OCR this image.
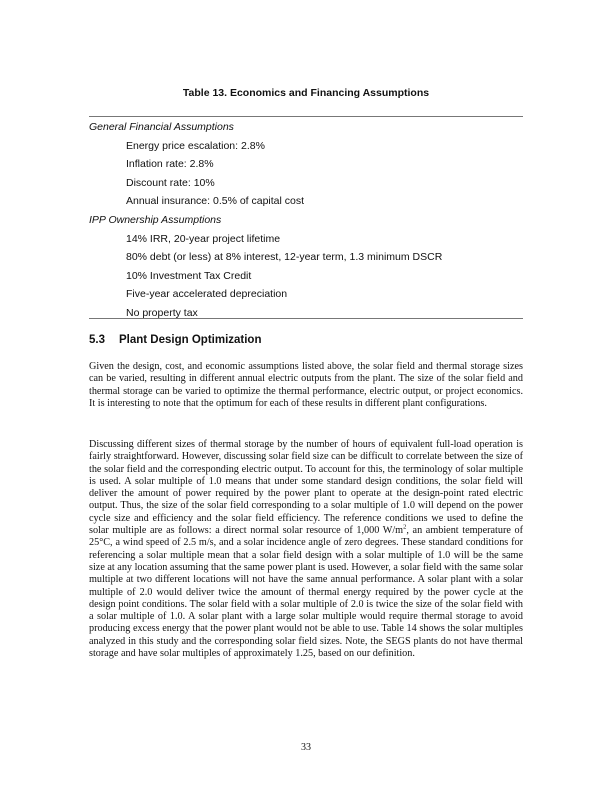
Table 13. Economics and Financing Assumptions
General Financial Assumptions
Energy price escalation: 2.8%
Inflation rate: 2.8%
Discount rate: 10%
Annual insurance: 0.5% of capital cost
IPP Ownership Assumptions
14% IRR, 20-year project lifetime
80% debt (or less) at 8% interest, 12-year term, 1.3 minimum DSCR
10% Investment Tax Credit
Five-year accelerated depreciation
No property tax
5.3 Plant Design Optimization

Given the design, cost, and economic assumptions listed above, the solar field and thermal storage sizes can be varied, resulting in different annual electric outputs from the plant. The size of the solar field and thermal storage can be varied to optimize the thermal performance, electric output, or project economics. It is interesting to note that the optimum for each of these results in different plant configurations.

Discussing different sizes of thermal storage by the number of hours of equivalent full-load operation is fairly straightforward. However, discussing solar field size can be difficult to correlate between the size of the solar field and the corresponding electric output. To account for this, the terminology of solar multiple is used. A solar multiple of 1.0 means that under some standard design conditions, the solar field will deliver the amount of power required by the power plant to operate at the design-point rated electric output. Thus, the size of the solar field corresponding to a solar multiple of 1.0 will depend on the power cycle size and efficiency and the solar field efficiency. The reference conditions we used to define the solar multiple are as follows: a direct normal solar resource of 1,000 $W/m^2$, an ambient temperature of 25°C, a wind speed of 2.5 m/s, and a solar incidence angle of zero degrees. These standard conditions for referencing a solar multiple mean that a solar field design with a solar multiple of 1.0 will be the same size at any location assuming that the same power plant is used. However, a solar field with the same solar multiple at two different locations will not have the same annual performance. A solar plant with a solar multiple of 2.0 would deliver twice the amount of thermal energy required by the power cycle at the design point conditions. The solar field with a solar multiple of 2.0 is twice the size of the solar field with a solar multiple of 1.0. A solar plant with a large solar multiple would require thermal storage to avoid producing excess energy that the power plant would not be able to use. Table 14 shows the solar multiples analyzed in this study and the corresponding solar field sizes. Note, the SEGS plants do not have thermal storage and have solar multiples of approximately 1.25, based on our definition.

33
